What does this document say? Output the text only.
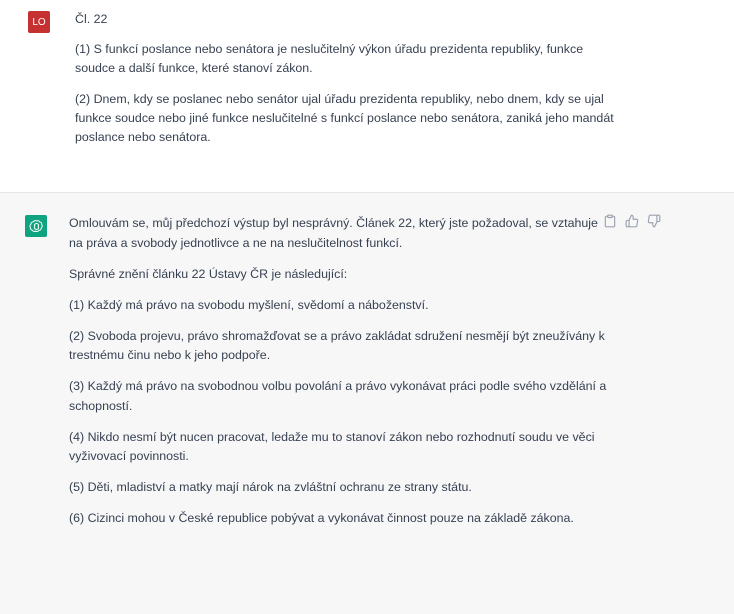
LO Čl. 22

(1) S funkcí poslance nebo senátora je neslučitelný výkon úřadu prezidenta republiky, funkce soudce a další funkce, které stanoví zákon.

(2) Dnem, kdy se poslanec nebo senátor ujal úřadu prezidenta republiky, nebo dnem, kdy se ujal funkce soudce nebo jiné funkce neslučitelné s funkcí poslance nebo senátora, zaniká jeho mandát poslance nebo senátora.

Omlouvám se, můj předchozí výstup byl nesprávný. Článek 22, který jste požadoval, se vztahuje na práva a svobody jednotlivce a ne na neslučitelnost funkcí.

Správné znění článku 22 Ústavy ČR je následující:

(1) Každý má právo na svobodu myšlení, svědomí a náboženství.

(2) Svoboda projevu, právo shromažďovat se a právo zakládat sdružení nesmějí být zneužívány k trestnému činu nebo k jeho podpoře.

(3) Každý má právo na svobodnou volbu povolání a právo vykonávat práci podle svého vzdělání a schopností.

(4) Nikdo nesmí být nucen pracovat, ledaže mu to stanoví zákon nebo rozhodnutí soudu ve věci vyživovací povinnosti.

(5) Děti, mladiství a matky mají nárok na zvláštní ochranu ze strany státu.

(6) Cizinci mohou v České republice pobývat a vykonávat činnost pouze na základě zákona.
